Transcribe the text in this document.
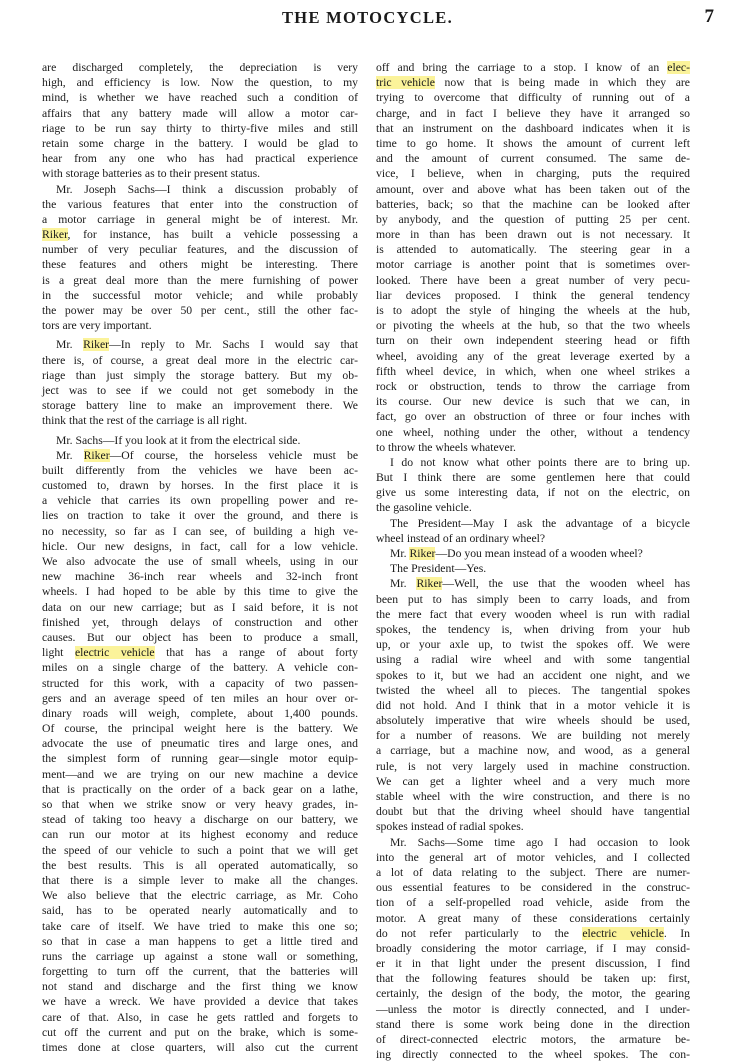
THE MOTOCYCLE.	7
are discharged completely, the depreciation is very
high, and efficiency is low. Now the question, to my
mind, is whether we have reached such a condition of
affairs that any battery made will allow a motor car-
riage to be run say thirty to thirty-five miles and still
retain some charge in the battery. I would be glad to
hear from any one who has had practical experience
with storage batteries as to their present status.
Mr. Joseph Sachs—I think a discussion probably of
the various features that enter into the construction of
a motor carriage in general might be of interest. Mr.
Riker, for instance, has built a vehicle possessing a
number of very peculiar features, and the discussion of
these features and others might be interesting. There
is a great deal more than the mere furnishing of power
in the successful motor vehicle; and while probably
the power may be over 50 per cent., still the other fac-
tors are very important.
Mr. Riker—In reply to Mr. Sachs I would say that
there is, of course, a great deal more in the electric car-
riage than just simply the storage battery. But my ob-
ject was to see if we could not get somebody in the
storage battery line to make an improvement there. We
think that the rest of the carriage is all right.
Mr. Sachs—If you look at it from the electrical side.
Mr. Riker—Of course, the horseless vehicle must be
built differently from the vehicles we have been ac-
customed to, drawn by horses. In the first place it is
a vehicle that carries its own propelling power and re-
lies on traction to take it over the ground, and there is
no necessity, so far as I can see, of building a high ve-
hicle. Our new designs, in fact, call for a low vehicle.
We also advocate the use of small wheels, using in our
new machine 36-inch rear wheels and 32-inch front
wheels. I had hoped to be able by this time to give the
data on our new carriage; but as I said before, it is not
finished yet, through delays of construction and other
causes. But our object has been to produce a small,
light electric vehicle that has a range of about forty
miles on a single charge of the battery. A vehicle con-
structed for this work, with a capacity of two passen-
gers and an average speed of ten miles an hour over or-
dinary roads will weigh, complete, about 1,400 pounds.
Of course, the principal weight here is the battery. We
advocate the use of pneumatic tires and large ones, and
the simplest form of running gear—single motor equip-
ment—and we are trying on our new machine a device
that is practically on the order of a back gear on a lathe,
so that when we strike snow or very heavy grades, in-
stead of taking too heavy a discharge on our battery, we
can run our motor at its highest economy and reduce
the speed of our vehicle to such a point that we will get
the best results. This is all operated automatically, so
that there is a simple lever to make all the changes.
We also believe that the electric carriage, as Mr. Coho
said, has to be operated nearly automatically and to
take care of itself. We have tried to make this one so;
so that in case a man happens to get a little tired and
runs the carriage up against a stone wall or something,
forgetting to turn off the current, that the batteries will
not stand and discharge and the first thing we know
we have a wreck. We have provided a device that takes
care of that. Also, in case he gets rattled and forgets to
cut off the current and put on the brake, which is some-
times done at close quarters, will also cut the current
off and bring the carriage to a stop. I know of an elec-
tric vehicle now that is being made in which they are
trying to overcome that difficulty of running out of a
charge, and in fact I believe they have it arranged so
that an instrument on the dashboard indicates when it is
time to go home. It shows the amount of current left
and the amount of current consumed. The same de-
vice, I believe, when in charging, puts the required
amount, over and above what has been taken out of the
batteries, back; so that the machine can be looked after
by anybody, and the question of putting 25 per cent.
more in than has been drawn out is not necessary. It
is attended to automatically. The steering gear in a
motor carriage is another point that is sometimes over-
looked. There have been a great number of very pecu-
liar devices proposed. I think the general tendency
is to adopt the style of hinging the wheels at the hub,
or pivoting the wheels at the hub, so that the two wheels
turn on their own independent steering head or fifth
wheel, avoiding any of the great leverage exerted by a
fifth wheel device, in which, when one wheel strikes a
rock or obstruction, tends to throw the carriage from
its course. Our new device is such that we can, in
fact, go over an obstruction of three or four inches with
one wheel, nothing under the other, without a tendency
to throw the wheels whatever.
I do not know what other points there are to bring up.
But I think there are some gentlemen here that could
give us some interesting data, if not on the electric, on
the gasoline vehicle.
The President—May I ask the advantage of a bicycle
wheel instead of an ordinary wheel?
Mr. Riker—Do you mean instead of a wooden wheel?
The President—Yes.
Mr. Riker—Well, the use that the wooden wheel has
been put to has simply been to carry loads, and from
the mere fact that every wooden wheel is run with radial
spokes, the tendency is, when driving from your hub
up, or your axle up, to twist the spokes off. We were
using a radial wire wheel and with some tangential
spokes to it, but we had an accident one night, and we
twisted the wheel all to pieces. The tangential spokes
did not hold. And I think that in a motor vehicle it is
absolutely imperative that wire wheels should be used,
for a number of reasons. We are building not merely
a carriage, but a machine now, and wood, as a general
rule, is not very largely used in machine construction.
We can get a lighter wheel and a very much more
stable wheel with the wire construction, and there is no
doubt but that the driving wheel should have tangential
spokes instead of radial spokes.
Mr. Sachs—Some time ago I had occasion to look
into the general art of motor vehicles, and I collected
a lot of data relating to the subject. There are numer-
ous essential features to be considered in the construc-
tion of a self-propelled road vehicle, aside from the
motor. A great many of these considerations certainly
do not refer particularly to the electric vehicle. In
broadly considering the motor carriage, if I may consid-
er it in that light under the present discussion, I find
that the following features should be taken up: first,
certainly, the design of the body, the motor, the gearing
—unless the motor is directly connected, and I under-
stand there is some work being done in the direction
of direct-connected electric motors, the armature be-
ing directly connected to the wheel spokes. The con-
